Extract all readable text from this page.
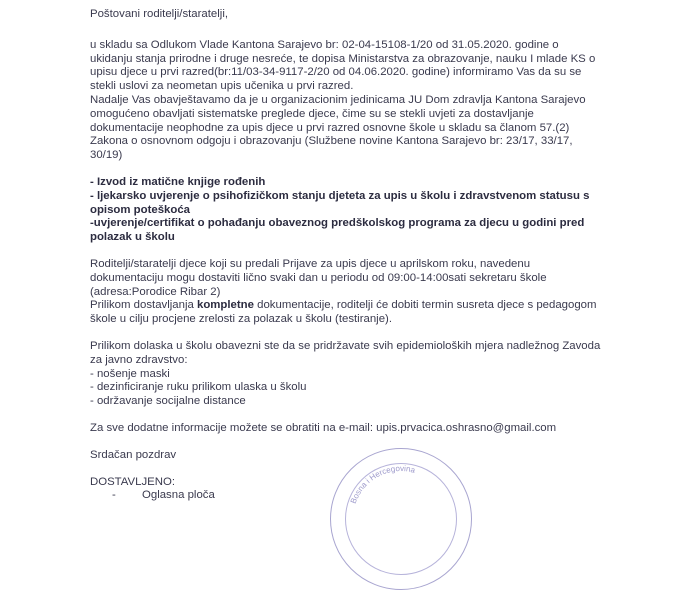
Poštovani roditelji/staratelji,
u skladu sa Odlukom Vlade Kantona Sarajevo br: 02-04-15108-1/20 od 31.05.2020. godine o
ukidanju stanja prirodne i druge nesreće, te dopisa Ministarstva za obrazovanje, nauku I mlade KS o
upisu djece u prvi razred(br:11/03-34-9117-2/20 od 04.06.2020. godine) informiramo Vas da su se
stekli uslovi za neometan upis učenika u prvi razred.
Nadalje Vas obavještavamo da je u organizacionim jedinicama JU Dom zdravlja Kantona Sarajevo
omogućeno obavljati sistematske preglede djece, čime su se stekli uvjeti za dostavljanje
dokumentacije neophodne za upis djece u prvi razred osnovne škole u skladu sa članom 57.(2)
Zakona o osnovnom odgoju i obrazovanju (Službene novine Kantona Sarajevo br: 23/17, 33/17,
30/19)
- Izvod iz matične knjige rođenih
- ljekarsko uvjerenje o psihofizičkom stanju djeteta za upis u školu i zdravstvenom statusu s
opisom poteškoća
-uvjerenje/certifikat o pohađanju obaveznog predškolskog programa za djecu u godini pred
polazak u školu
Roditelji/staratelji djece koji su predali Prijave za upis djece u aprilskom roku, navedenu
dokumentaciju mogu dostaviti lično svaki dan u periodu od 09:00-14:00sati sekretaru škole
(adresa:Porodice Ribar 2)
Prilikom dostavljanja kompletne dokumentacije, roditelji će dobiti termin susreta djece s pedagogom
škole u cilju procjene zrelosti za polazak u školu (testiranje).
Prilikom dolaska u školu obavezni ste da se pridržavate svih epidemioloških mjera nadležnog Zavoda
za javno zdravstvo:
- nošenje maski
- dezinficiranje ruku prilikom ulaska u školu
- održavanje socijalne distance
Za sve dodatne informacije možete se obratiti na e-mail: upis.prvacica.oshrasno@gmail.com
Srdačan pozdrav
DOSTAVLJENO:
- Oglasna ploča	Bosna i Hercegovina
